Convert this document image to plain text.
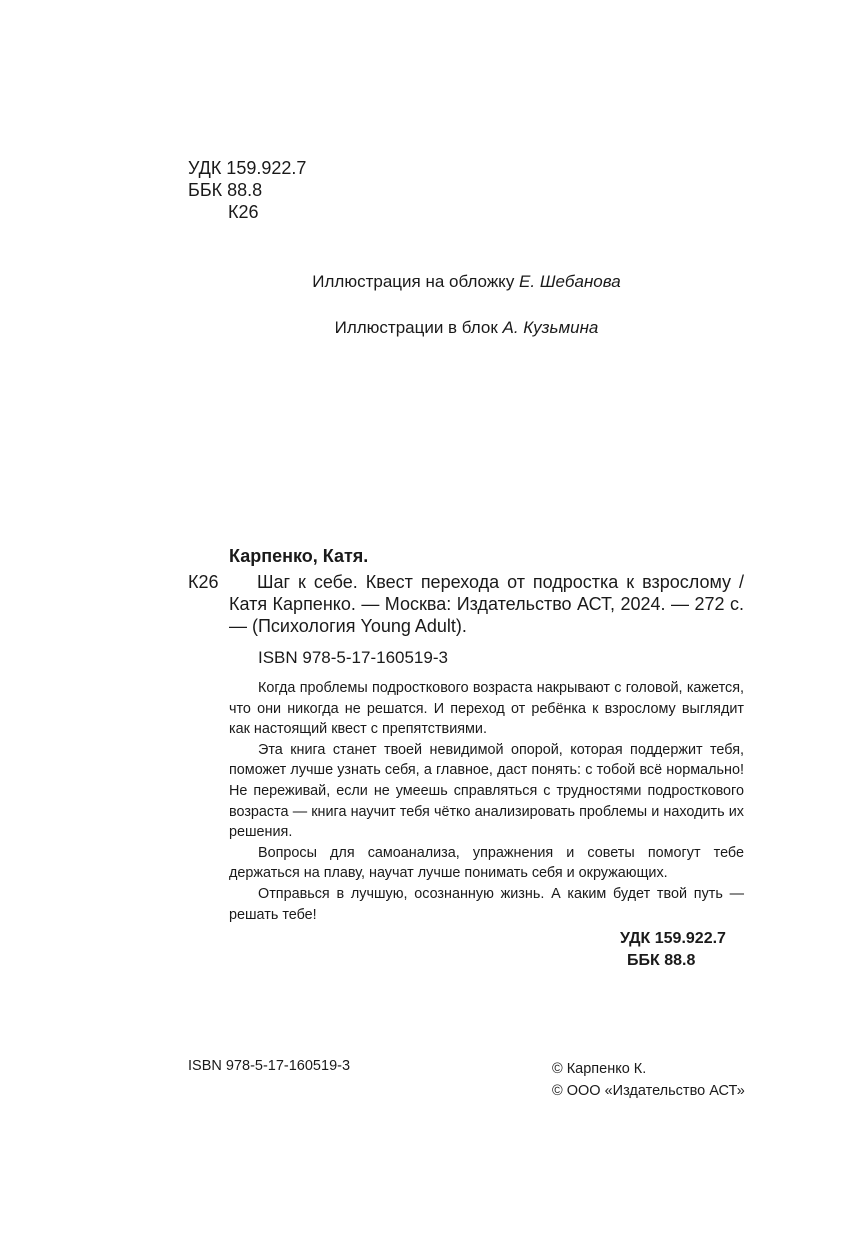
УДК 159.922.7
ББК 88.8
К26
Иллюстрация на обложку Е. Шебанова
Иллюстрации в блок А. Кузьмина
Карпенко, Катя.
К26	Шаг к себе. Квест перехода от подростка к взрослому / Катя Карпенко. — Москва: Издательство АСТ, 2024. — 272 с. — (Психология Young Adult).
ISBN 978-5-17-160519-3

Когда проблемы подросткового возраста накрывают с головой, кажется, что они никогда не решатся. И переход от ребёнка к взрослому выглядит как настоящий квест с препятствиями.

Эта книга станет твоей невидимой опорой, которая поддержит тебя, поможет лучше узнать себя, а главное, даст понять: с тобой всё нормально! Не переживай, если не умеешь справляться с трудностями подросткового возраста — книга научит тебя чётко анализировать проблемы и находить их решения.

Вопросы для самоанализа, упражнения и советы помогут тебе держаться на плаву, научат лучше понимать себя и окружающих.

Отправься в лучшую, осознанную жизнь. А каким будет твой путь — решать тебе!

УДК 159.922.7
ББК 88.8
ISBN 978-5-17-160519-3	© Карпенко К.
© ООО «Издательство АСТ»
